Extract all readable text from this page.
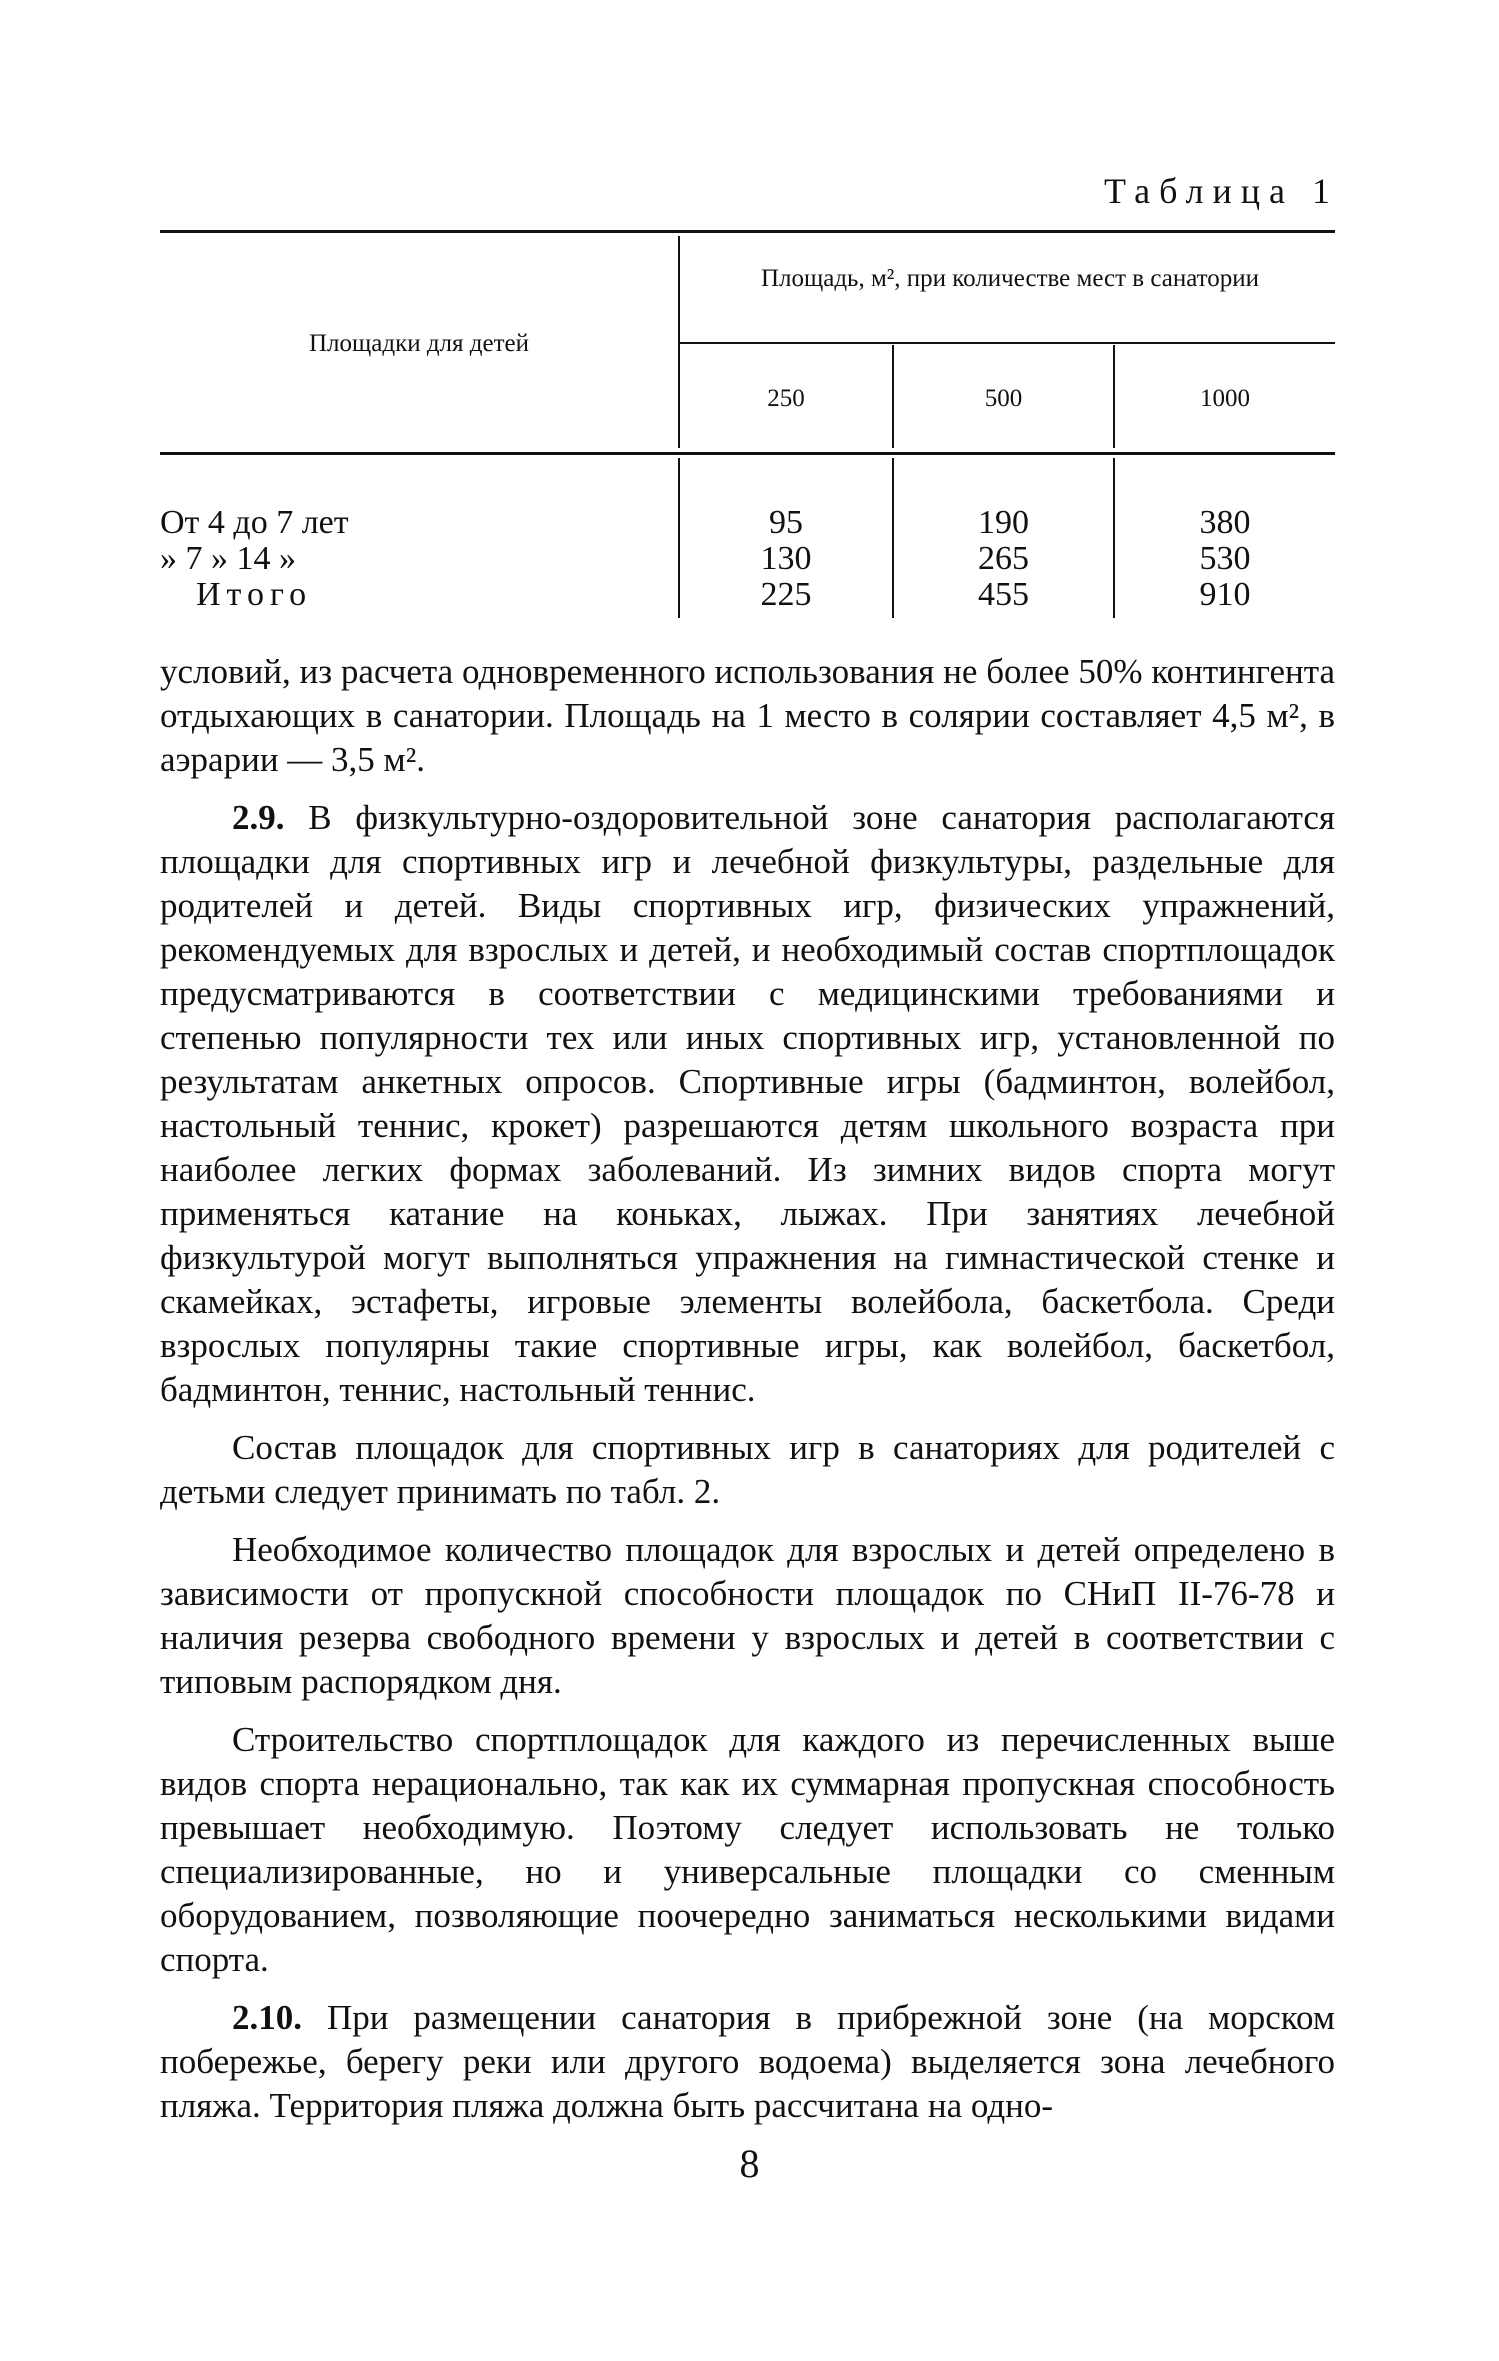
Таблица 1
Площадки для детей
Площадь, м², при количестве мест в санатории
250	500	1000
От 4 до 7 лет
» 7 » 14 »
Итого
95
130
225
190
265
455
380
530
910

условий, из расчета одновременного использования не более 50% контингента отдыхающих в санатории. Площадь на 1 место в солярии составляет 4,5 м², в аэрарии — 3,5 м².

2.9. В физкультурно-оздоровительной зоне санатория располагаются площадки для спортивных игр и лечебной физкультуры, раздельные для родителей и детей. Виды спортивных игр, физических упражнений, рекомендуемых для взрослых и детей, и необходимый состав спортплощадок предусматриваются в соответствии с медицинскими требованиями и степенью популярности тех или иных спортивных игр, установленной по результатам анкетных опросов. Спортивные игры (бадминтон, волейбол, настольный теннис, крокет) разрешаются детям школьного возраста при наиболее легких формах заболеваний. Из зимних видов спорта могут применяться катание на коньках, лыжах. При занятиях лечебной физкультурой могут выполняться упражнения на гимнастической стенке и скамейках, эстафеты, игровые элементы волейбола, баскетбола. Среди взрослых популярны такие спортивные игры, как волейбол, баскетбол, бадминтон, теннис, настольный теннис.

Состав площадок для спортивных игр в санаториях для родителей с детьми следует принимать по табл. 2.

Необходимое количество площадок для взрослых и детей определено в зависимости от пропускной способности площадок по СНиП II-76-78 и наличия резерва свободного времени у взрослых и детей в соответствии с типовым распорядком дня.

Строительство спортплощадок для каждого из перечисленных выше видов спорта нерационально, так как их суммарная пропускная способность превышает необходимую. Поэтому следует использовать не только специализированные, но и универсальные площадки со сменным оборудованием, позволяющие поочередно заниматься несколькими видами спорта.

2.10. При размещении санатория в прибрежной зоне (на морском побережье, берегу реки или другого водоема) выделяется зона лечебного пляжа. Территория пляжа должна быть рассчитана на одно-

8
